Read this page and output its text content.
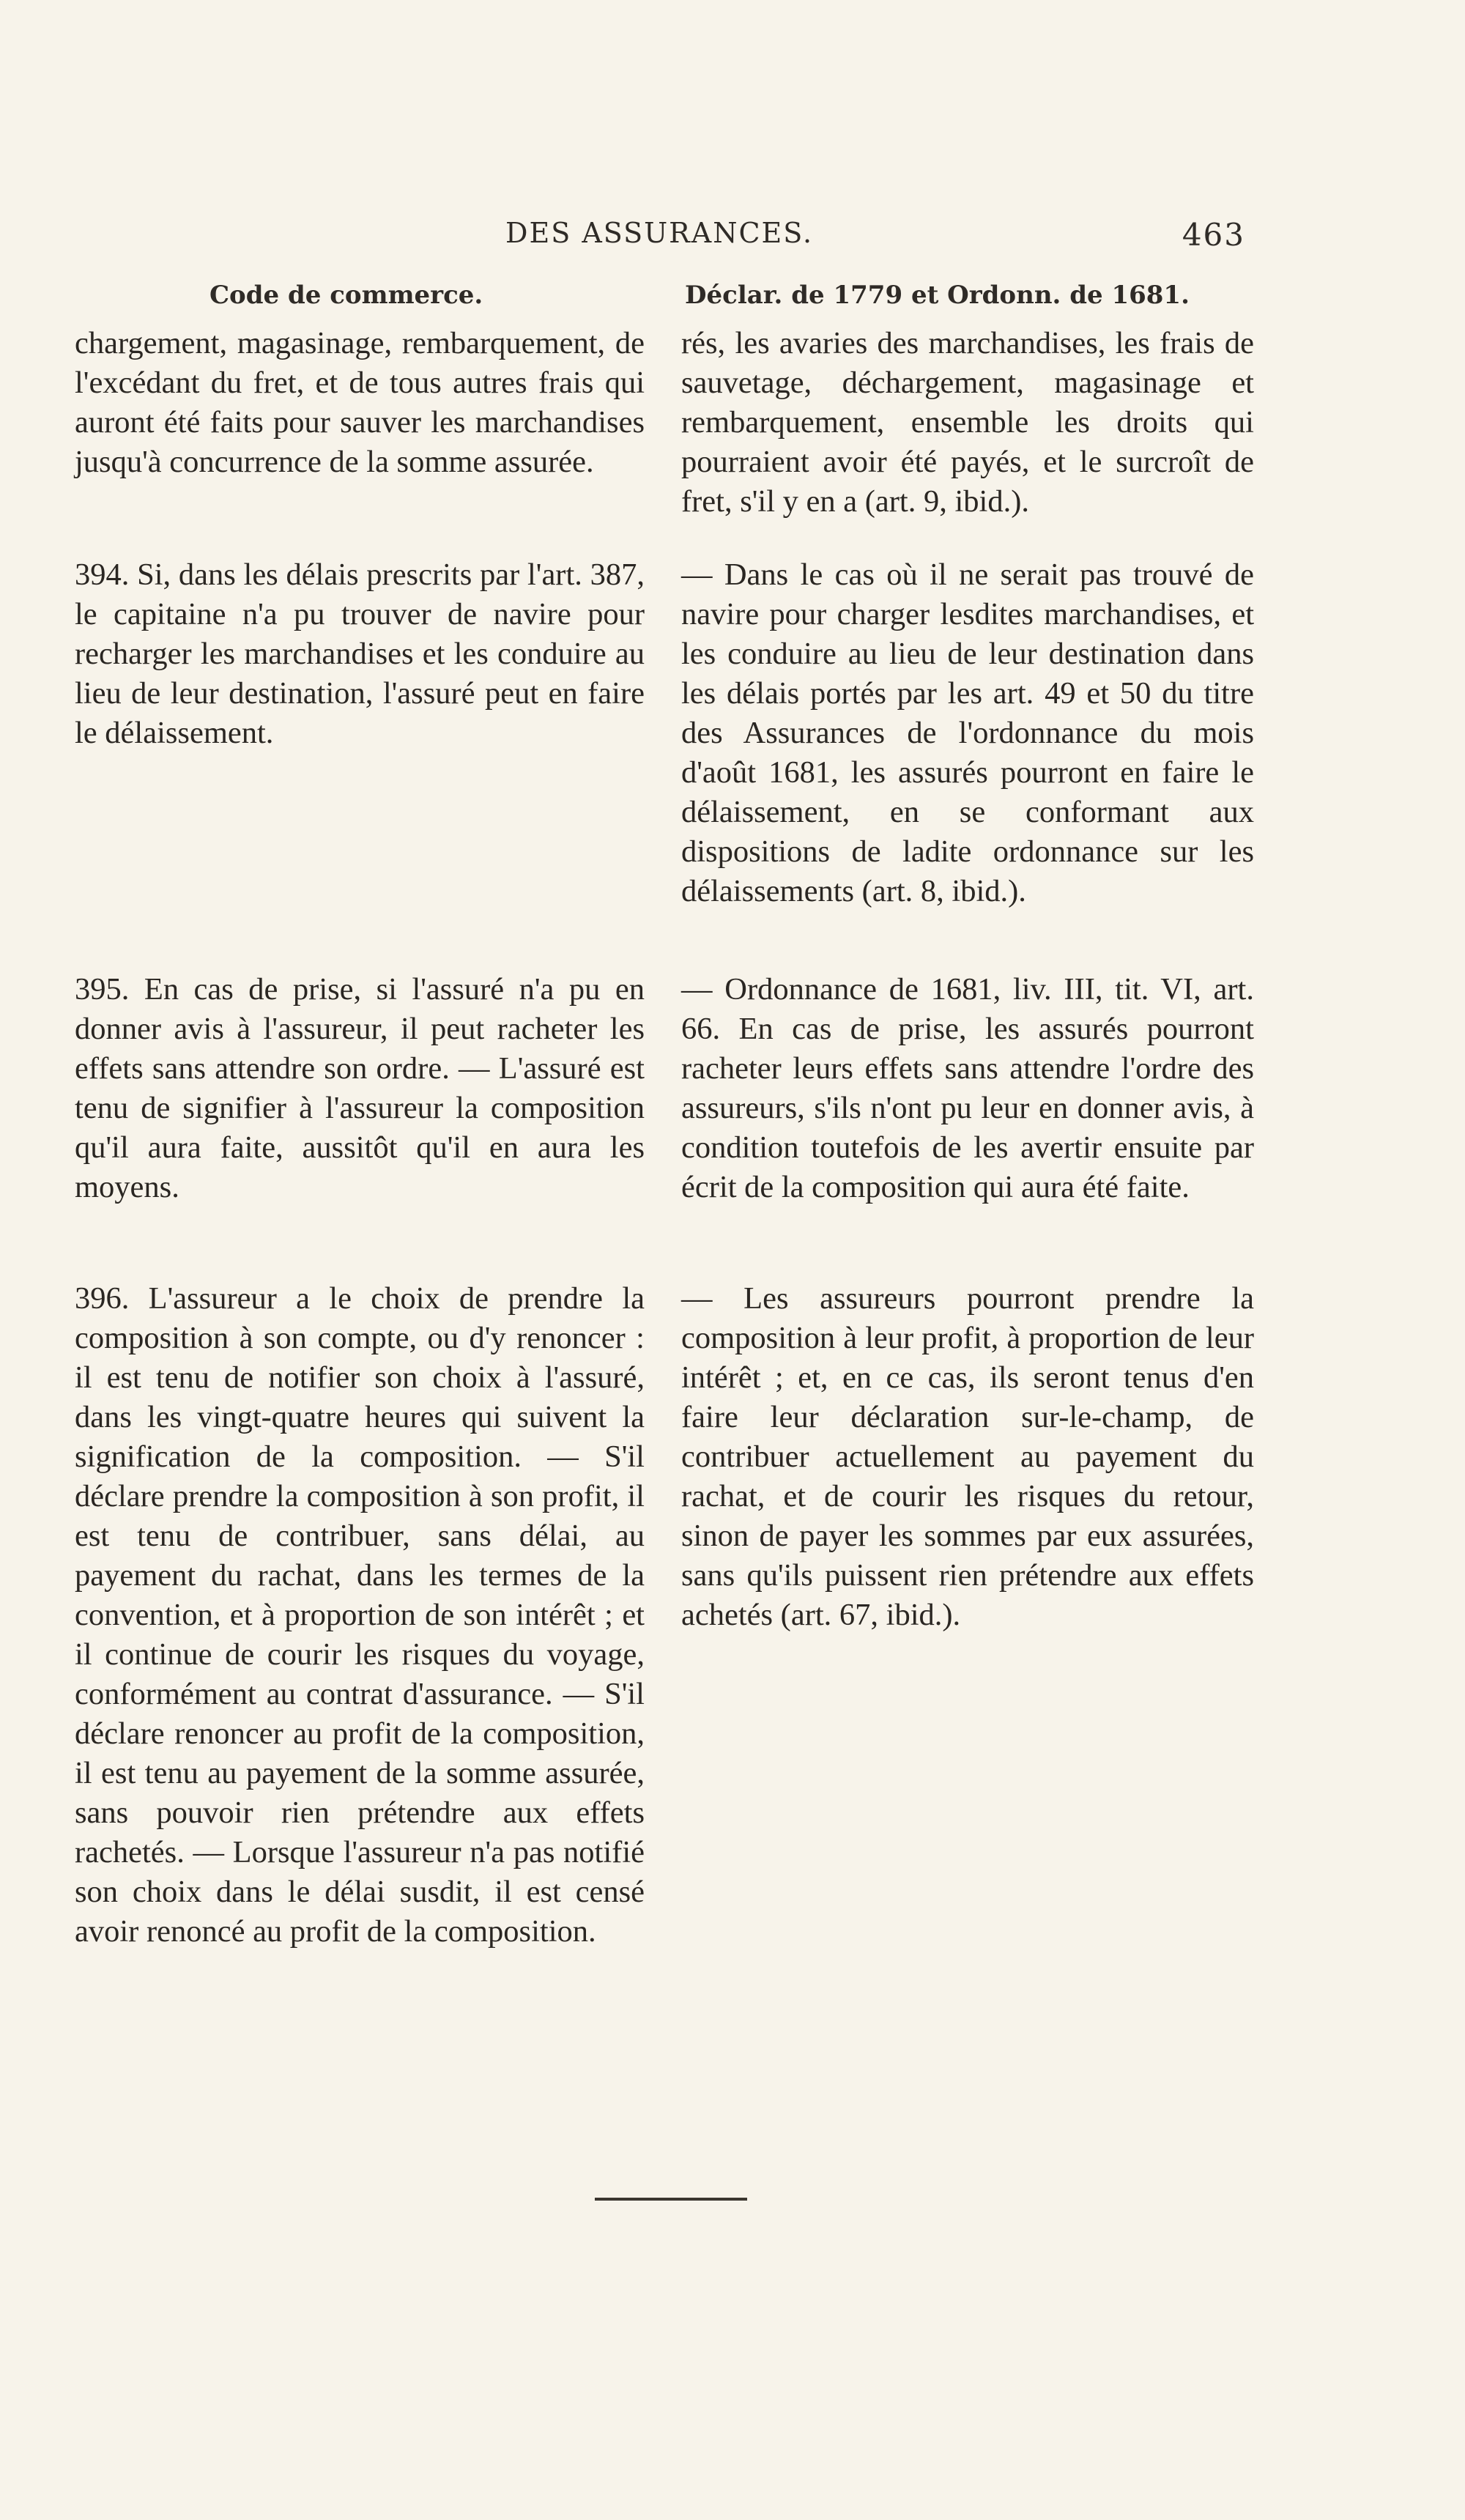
DES ASSURANCES.	463
Code de commerce.	Déclar. de 1779 et Ordonn. de 1681.

chargement, magasinage, rembarquement, de l'excédant du fret, et de tous autres frais qui auront été faits pour sauver les marchandises jusqu'à concurrence de la somme assurée.

394. Si, dans les délais prescrits par l'art. 387, le capitaine n'a pu trouver de navire pour recharger les marchandises et les conduire au lieu de leur destination, l'assuré peut en faire le délaissement.

395. En cas de prise, si l'assuré n'a pu en donner avis à l'assureur, il peut racheter les effets sans attendre son ordre. — L'assuré est tenu de signifier à l'assureur la composition qu'il aura faite, aussitôt qu'il en aura les moyens.

396. L'assureur a le choix de prendre la composition à son compte, ou d'y renoncer : il est tenu de notifier son choix à l'assuré, dans les vingt-quatre heures qui suivent la signification de la composition. — S'il déclare prendre la composition à son profit, il est tenu de contribuer, sans délai, au payement du rachat, dans les termes de la convention, et à proportion de son intérêt ; et il continue de courir les risques du voyage, conformément au contrat d'assurance. — S'il déclare renoncer au profit de la composition, il est tenu au payement de la somme assurée, sans pouvoir rien prétendre aux effets rachetés. — Lorsque l'assureur n'a pas notifié son choix dans le délai susdit, il est censé avoir renoncé au profit de la composition.

rés, les avaries des marchandises, les frais de sauvetage, déchargement, magasinage et rembarquement, ensemble les droits qui pourraient avoir été payés, et le surcroît de fret, s'il y en a (art. 9, ibid.).

— Dans le cas où il ne serait pas trouvé de navire pour charger lesdites marchandises, et les conduire au lieu de leur destination dans les délais portés par les art. 49 et 50 du titre des Assurances de l'ordonnance du mois d'août 1681, les assurés pourront en faire le délaissement, en se conformant aux dispositions de ladite ordonnance sur les délaissements (art. 8, ibid.).

— Ordonnance de 1681, liv. III, tit. VI, art. 66. En cas de prise, les assurés pourront racheter leurs effets sans attendre l'ordre des assureurs, s'ils n'ont pu leur en donner avis, à condition toutefois de les avertir ensuite par écrit de la composition qui aura été faite.

— Les assureurs pourront prendre la composition à leur profit, à proportion de leur intérêt ; et, en ce cas, ils seront tenus d'en faire leur déclaration sur-le-champ, de contribuer actuellement au payement du rachat, et de courir les risques du retour, sinon de payer les sommes par eux assurées, sans qu'ils puissent rien prétendre aux effets achetés (art. 67, ibid.).
